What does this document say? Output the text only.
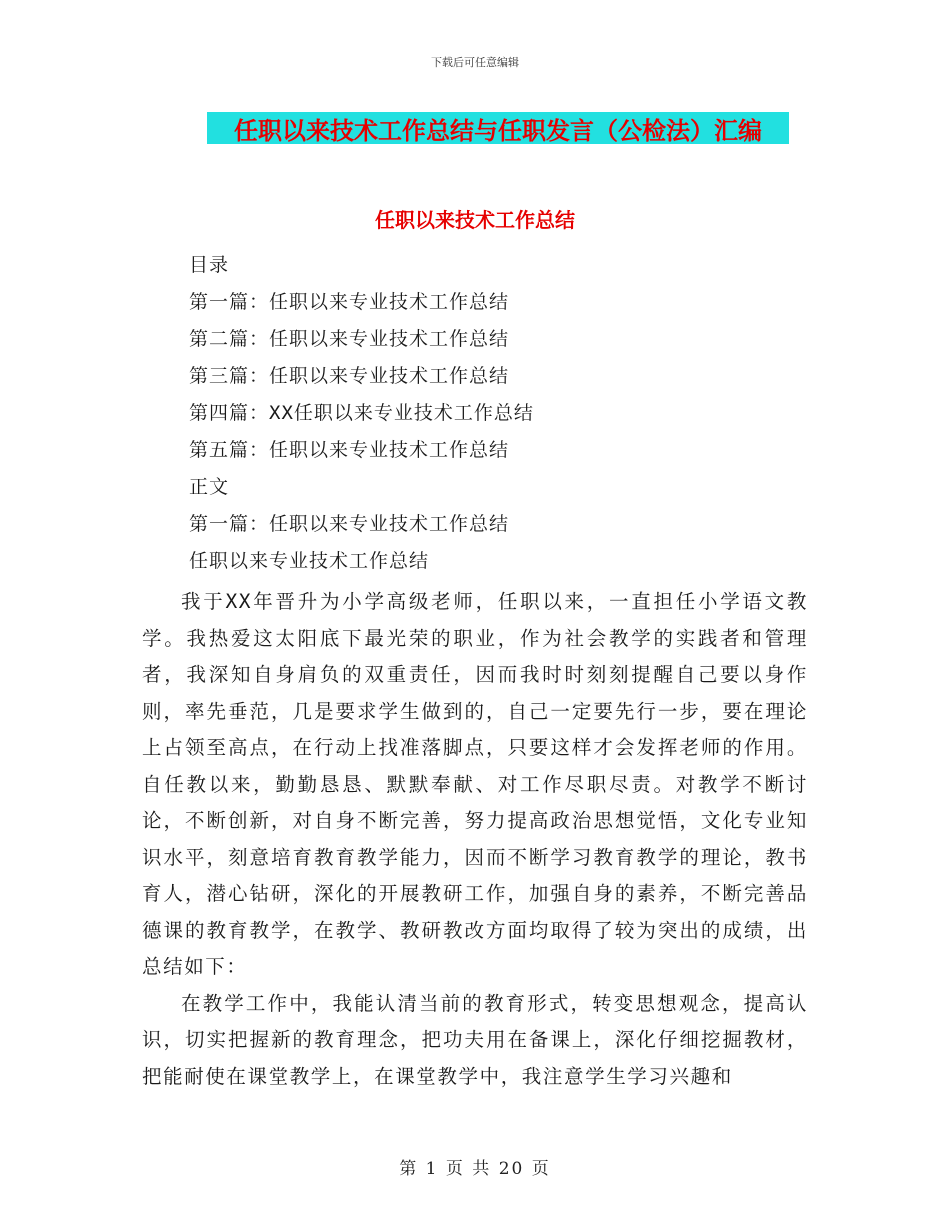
下载后可任意编辑
任职以来技术工作总结与任职发言（公检法）汇编
任职以来技术工作总结
目录
第一篇：任职以来专业技术工作总结
第二篇：任职以来专业技术工作总结
第三篇：任职以来专业技术工作总结
第四篇：XX任职以来专业技术工作总结
第五篇：任职以来专业技术工作总结
正文
第一篇：任职以来专业技术工作总结
任职以来专业技术工作总结

我于XX年晋升为小学高级老师，任职以来，一直担任小学语文教学。我热爱这太阳底下最光荣的职业，作为社会教学的实践者和管理者，我深知自身肩负的双重责任，因而我时时刻刻提醒自己要以身作则，率先垂范，几是要求学生做到的，自己一定要先行一步，要在理论上占领至高点，在行动上找准落脚点，只要这样才会发挥老师的作用。自任教以来，勤勤恳恳、默默奉献、对工作尽职尽责。对教学不断讨论，不断创新，对自身不断完善，努力提高政治思想觉悟，文化专业知识水平，刻意培育教育教学能力，因而不断学习教育教学的理论，教书育人，潜心钻研，深化的开展教研工作，加强自身的素养，不断完善品德课的教育教学，在教学、教研教改方面均取得了较为突出的成绩，出总结如下：

在教学工作中，我能认清当前的教育形式，转变思想观念，提高认识，切实把握新的教育理念，把功夫用在备课上，深化仔细挖掘教材，把能耐使在课堂教学上，在课堂教学中，我注意学生学习兴趣和

第 1 页 共 20 页
